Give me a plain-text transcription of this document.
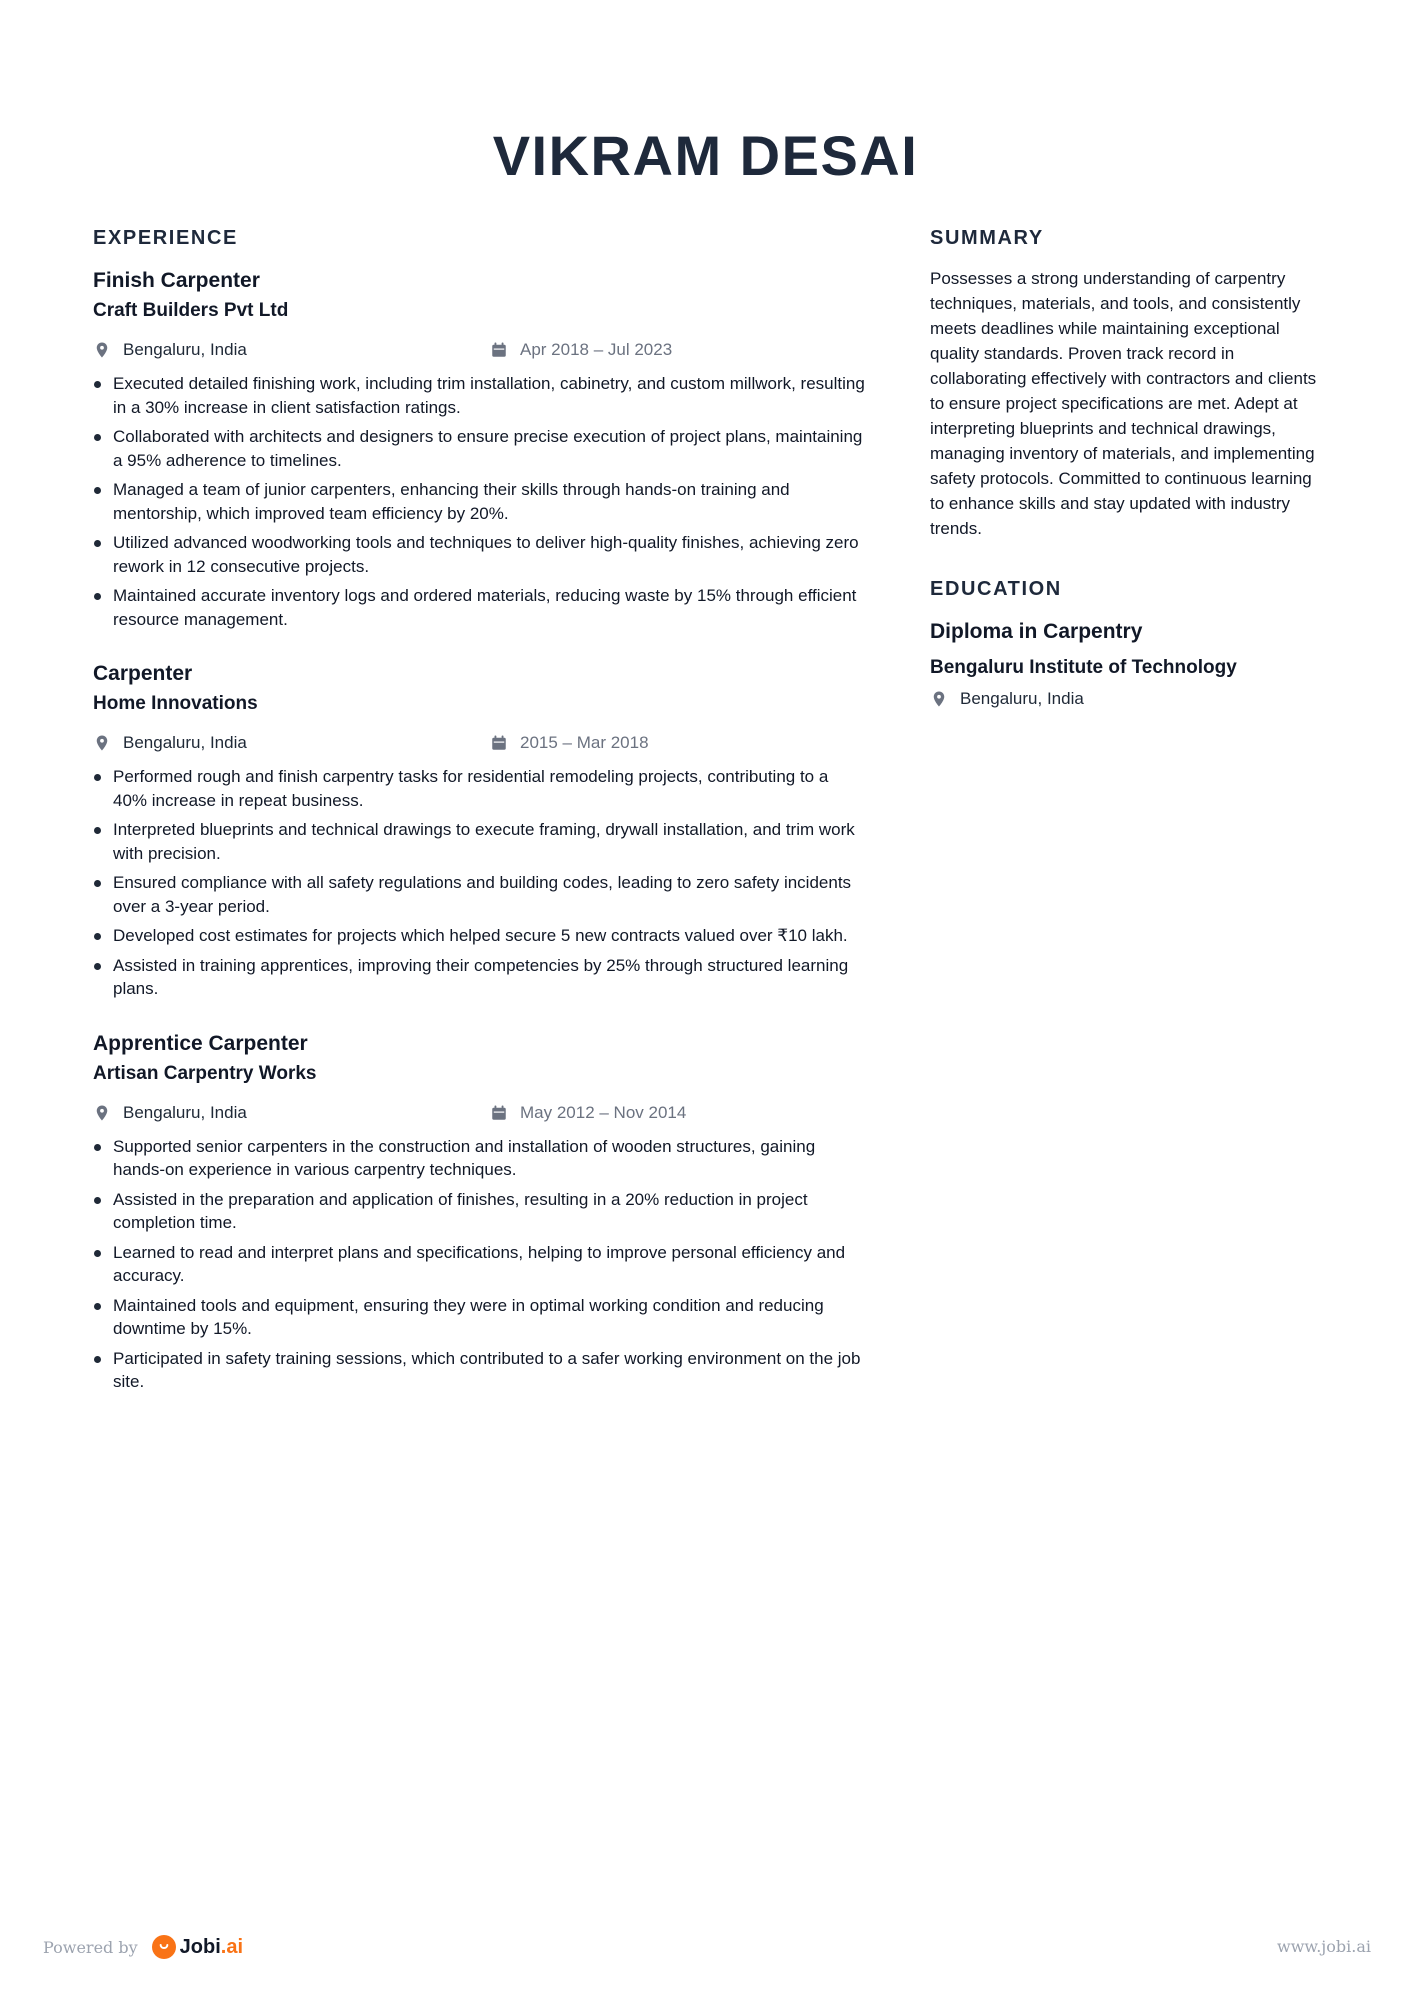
VIKRAM DESAI
EXPERIENCE
Finish Carpenter
Craft Builders Pvt Ltd
Bengaluru, India	Apr 2018 – Jul 2023
Executed detailed finishing work, including trim installation, cabinetry, and custom millwork, resulting in a 30% increase in client satisfaction ratings.
Collaborated with architects and designers to ensure precise execution of project plans, maintaining a 95% adherence to timelines.
Managed a team of junior carpenters, enhancing their skills through hands-on training and mentorship, which improved team efficiency by 20%.
Utilized advanced woodworking tools and techniques to deliver high-quality finishes, achieving zero rework in 12 consecutive projects.
Maintained accurate inventory logs and ordered materials, reducing waste by 15% through efficient resource management.
Carpenter
Home Innovations
Bengaluru, India	2015 – Mar 2018
Performed rough and finish carpentry tasks for residential remodeling projects, contributing to a 40% increase in repeat business.
Interpreted blueprints and technical drawings to execute framing, drywall installation, and trim work with precision.
Ensured compliance with all safety regulations and building codes, leading to zero safety incidents over a 3-year period.
Developed cost estimates for projects which helped secure 5 new contracts valued over ₹10 lakh.
Assisted in training apprentices, improving their competencies by 25% through structured learning plans.
Apprentice Carpenter
Artisan Carpentry Works
Bengaluru, India	May 2012 – Nov 2014
Supported senior carpenters in the construction and installation of wooden structures, gaining hands-on experience in various carpentry techniques.
Assisted in the preparation and application of finishes, resulting in a 20% reduction in project completion time.
Learned to read and interpret plans and specifications, helping to improve personal efficiency and accuracy.
Maintained tools and equipment, ensuring they were in optimal working condition and reducing downtime by 15%.
Participated in safety training sessions, which contributed to a safer working environment on the job site.
SUMMARY

Possesses a strong understanding of carpentry techniques, materials, and tools, and consistently meets deadlines while maintaining exceptional quality standards. Proven track record in collaborating effectively with contractors and clients to ensure project specifications are met. Adept at interpreting blueprints and technical drawings, managing inventory of materials, and implementing safety protocols. Committed to continuous learning to enhance skills and stay updated with industry trends.

EDUCATION
Diploma in Carpentry
Bengaluru Institute of Technology
Bengaluru, India
Powered by Jobi.ai	www.jobi.ai
